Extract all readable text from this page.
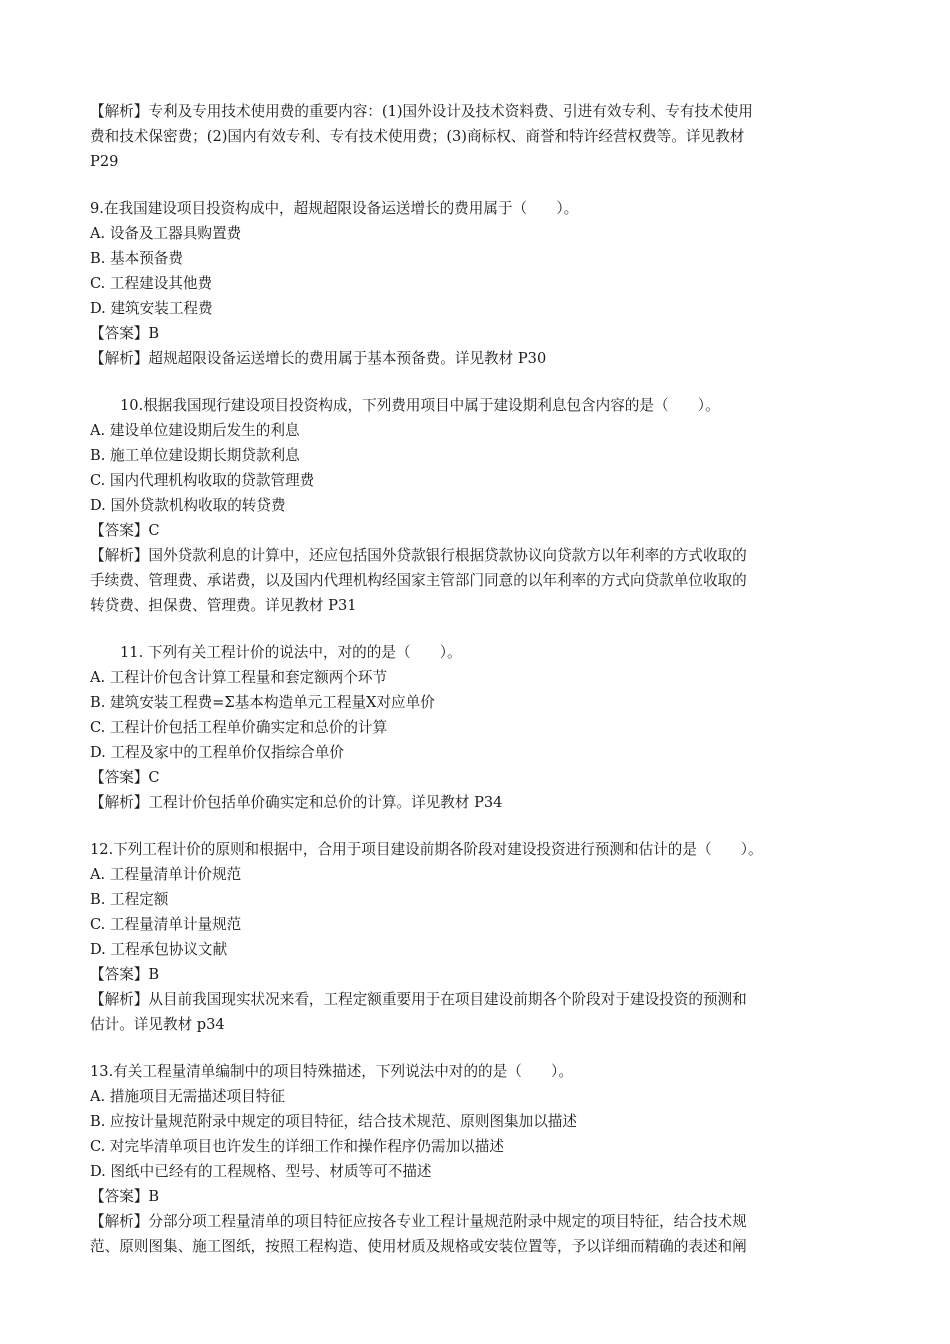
【解析】专利及专用技术使用费的重要内容：(1)国外设计及技术资料费、引进有效专利、专有技术使用
费和技术保密费；(2)国内有效专利、专有技术使用费；(3)商标权、商誉和特许经营权费等。详见教材
P29
9.在我国建设项目投资构成中，超规超限设备运送增长的费用属于（　　）。
A. 设备及工器具购置费
B. 基本预备费
C. 工程建设其他费
D. 建筑安装工程费
【答案】B
【解析】超规超限设备运送增长的费用属于基本预备费。详见教材 P30
10.根据我国现行建设项目投资构成，下列费用项目中属于建设期利息包含内容的是（　　）。
A. 建设单位建设期后发生的利息
B. 施工单位建设期长期贷款利息
C. 国内代理机构收取的贷款管理费
D. 国外贷款机构收取的转贷费
【答案】C
【解析】国外贷款利息的计算中，还应包括国外贷款银行根据贷款协议向贷款方以年利率的方式收取的
手续费、管理费、承诺费，以及国内代理机构经国家主管部门同意的以年利率的方式向贷款单位收取的
转贷费、担保费、管理费。详见教材 P31
11. 下列有关工程计价的说法中，对的的是（　　）。
A. 工程计价包含计算工程量和套定额两个环节
B. 建筑安装工程费=Σ基本构造单元工程量X对应单价
C. 工程计价包括工程单价确实定和总价的计算
D. 工程及家中的工程单价仅指综合单价
【答案】C
【解析】工程计价包括单价确实定和总价的计算。详见教材 P34
12.下列工程计价的原则和根据中，合用于项目建设前期各阶段对建设投资进行预测和估计的是（　　）。
A. 工程量清单计价规范
B. 工程定额
C. 工程量清单计量规范
D. 工程承包协议文献
【答案】B
【解析】从目前我国现实状况来看，工程定额重要用于在项目建设前期各个阶段对于建设投资的预测和
估计。详见教材 p34
13.有关工程量清单编制中的项目特殊描述，下列说法中对的的是（　　）。
A. 措施项目无需描述项目特征
B. 应按计量规范附录中规定的项目特征，结合技术规范、原则图集加以描述
C. 对完毕清单项目也许发生的详细工作和操作程序仍需加以描述
D. 图纸中已经有的工程规格、型号、材质等可不描述
【答案】B
【解析】分部分项工程量清单的项目特征应按各专业工程计量规范附录中规定的项目特征，结合技术规
范、原则图集、施工图纸，按照工程构造、使用材质及规格或安装位置等，予以详细而精确的表述和阐
